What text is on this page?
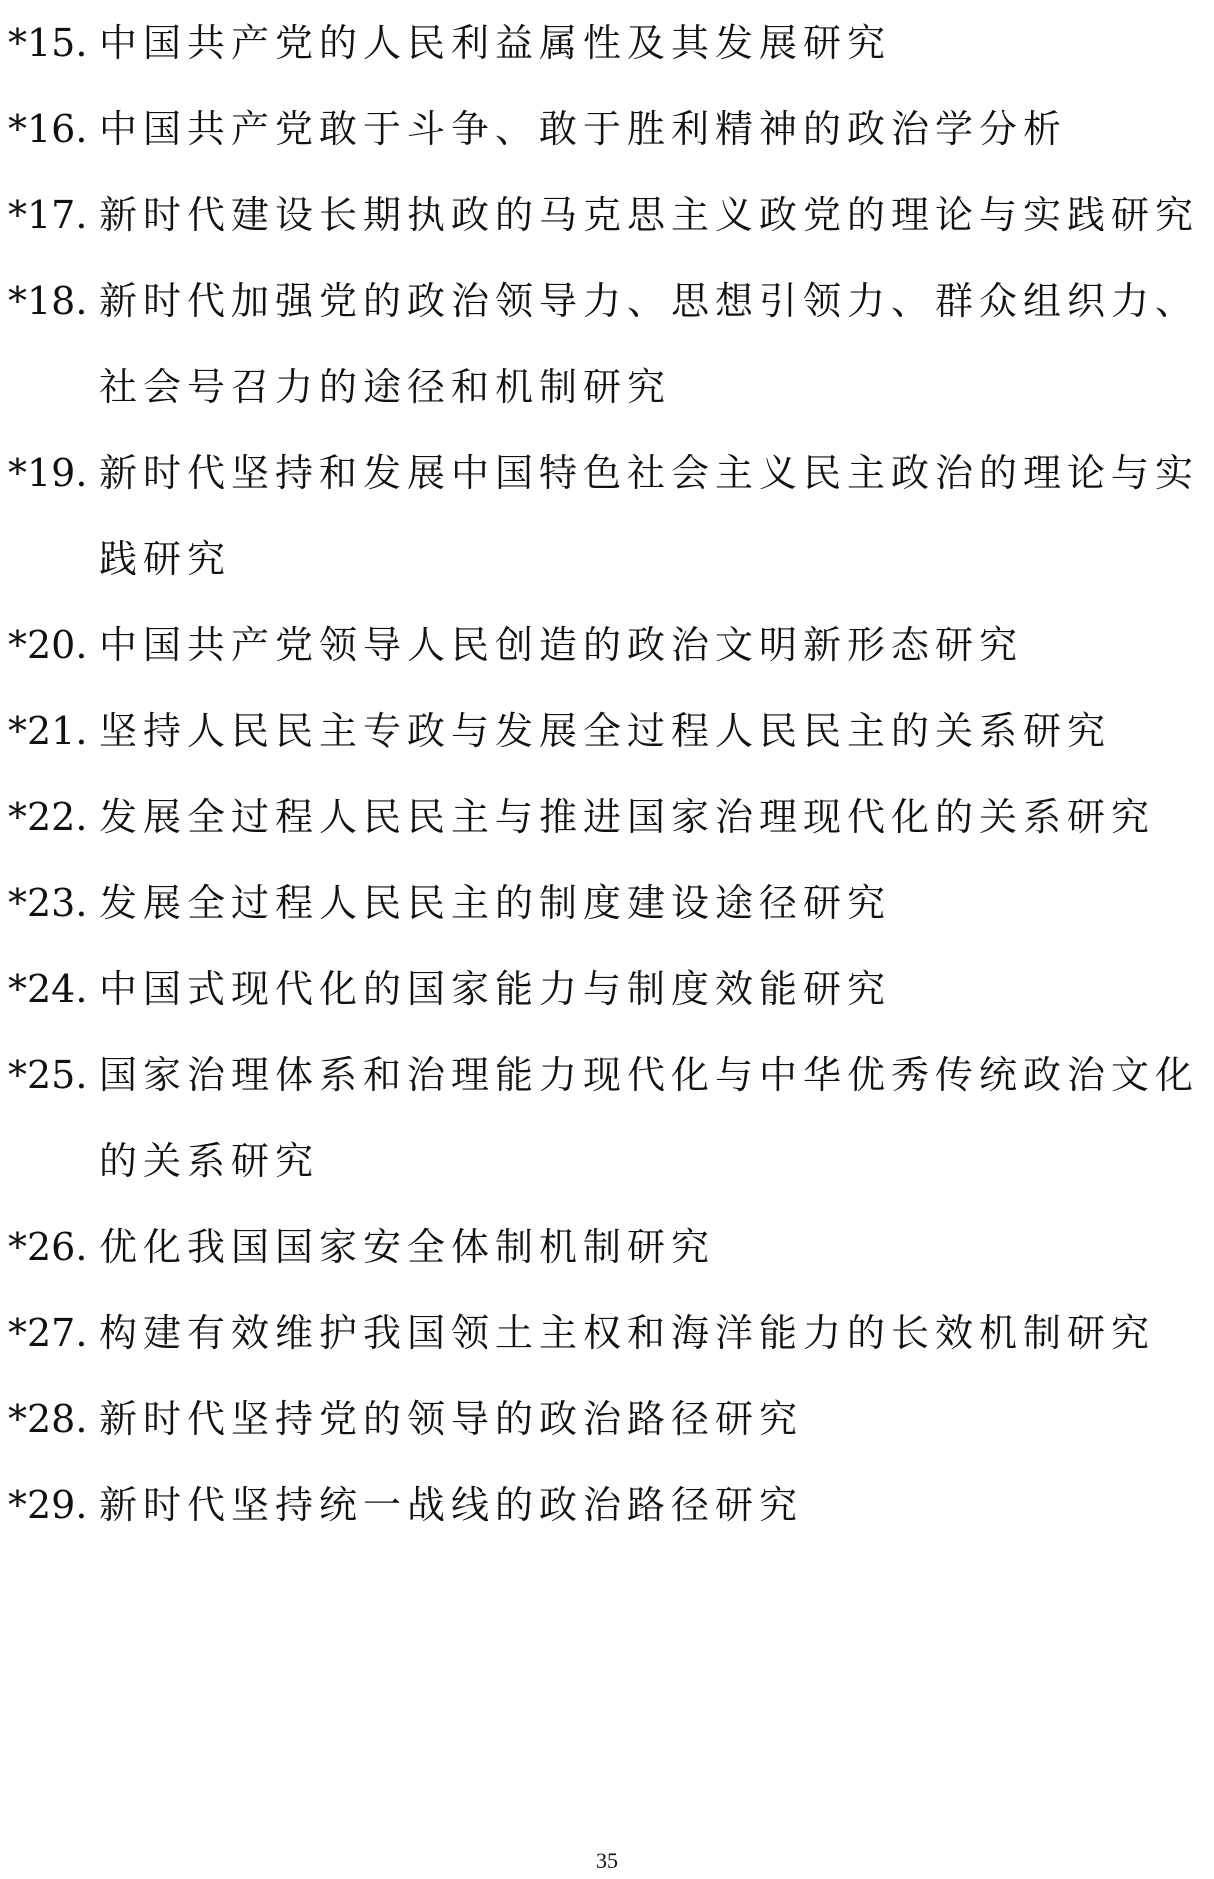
*15. 中国共产党的人民利益属性及其发展研究
*16. 中国共产党敢于斗争、敢于胜利精神的政治学分析
*17. 新时代建设长期执政的马克思主义政党的理论与实践研究
*18. 新时代加强党的政治领导力、思想引领力、群众组织力、社会号召力的途径和机制研究
*19. 新时代坚持和发展中国特色社会主义民主政治的理论与实践研究
*20. 中国共产党领导人民创造的政治文明新形态研究
*21. 坚持人民民主专政与发展全过程人民民主的关系研究
*22. 发展全过程人民民主与推进国家治理现代化的关系研究
*23. 发展全过程人民民主的制度建设途径研究
*24. 中国式现代化的国家能力与制度效能研究
*25. 国家治理体系和治理能力现代化与中华优秀传统政治文化的关系研究
*26. 优化我国国家安全体制机制研究
*27. 构建有效维护我国领土主权和海洋能力的长效机制研究
*28. 新时代坚持党的领导的政治路径研究
*29. 新时代坚持统一战线的政治路径研究
35
